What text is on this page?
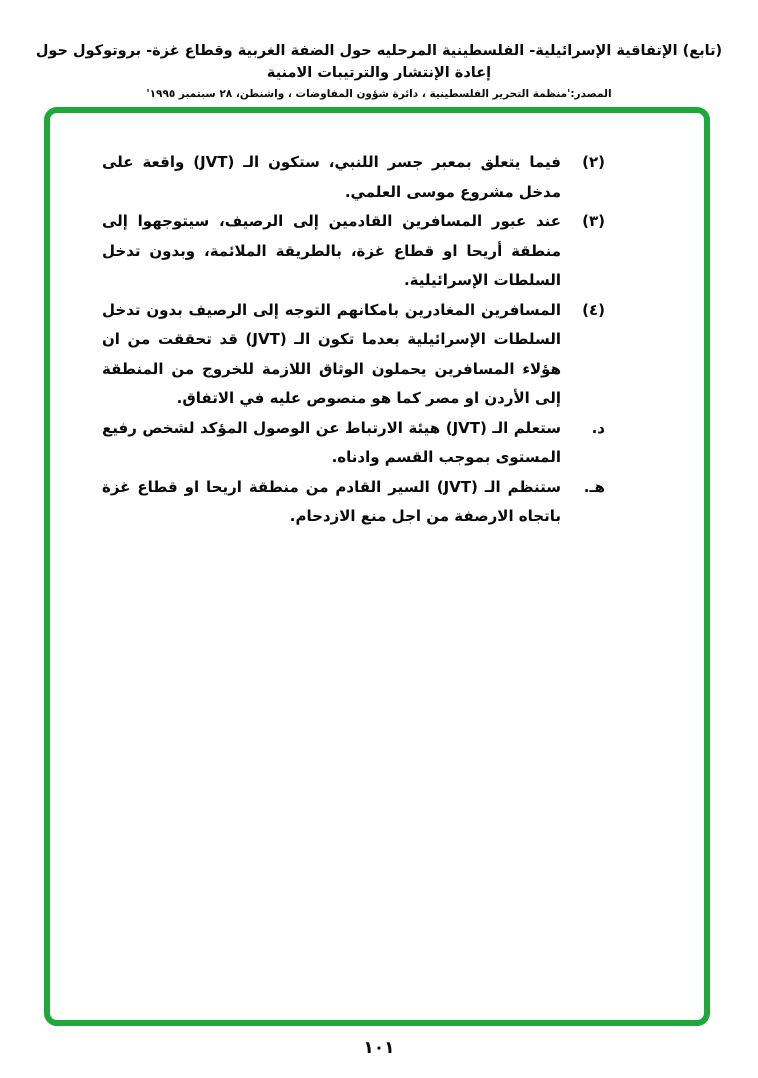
(تابع) الإتفاقية الإسرائيلية- الفلسطينية المرحليه حول الضفة الغربية وقطاع غزة- بروتوكول حول إعادة الإنتشار والترتيبات الامنية
المصدر:'منظمة التحرير الفلسطينية ، دائرة شؤون المفاوضات ، واشنطن، ٢٨ سبتمبر ١٩٩٥'
(٢)
فيما يتعلق بمعبر جسر اللنبي، ستكون الـ (JVT) واقعة على مدخل مشروع موسى العلمي.
(٣)
عند عبور المسافرين القادمين إلى الرصيف، سيتوجهوا إلى منطقة أريحا او قطاع غزة، بالطريقة الملائمة، وبدون تدخل السلطات الإسرائيلية.
(٤)
المسافرين المغادرين بامكانهم التوجه إلى الرصيف بدون تدخل السلطات الإسرائيلية بعدما تكون الـ (JVT) قد تحققت من ان هؤلاء المسافرين يحملون الوثاق اللازمة للخروج من المنطقة إلى الأردن او مصر كما هو منصوص عليه في الاتفاق.
د.
ستعلم الـ (JVT) هيئة الارتباط عن الوصول المؤكد لشخص رفيع المستوى بموجب القسم وادناه.
هـ.
ستنظم الـ (JVT) السير القادم من منطقة اريحا او قطاع غزة باتجاه الارصفة من اجل منع الازدحام.
١٠١
